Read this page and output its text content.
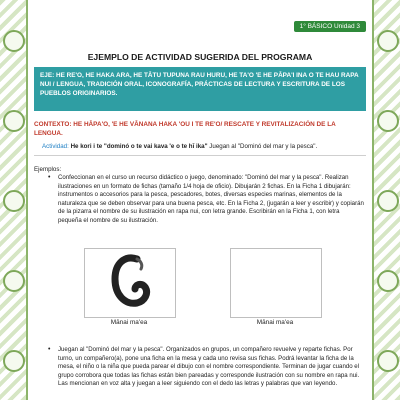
1° BÁSICO Unidad 3
EJEMPLO DE ACTIVIDAD SUGERIDA DEL PROGRAMA
EJE: HE RE'O, HE HAKA ARA, HE TĀTU TUPUNA RAU HURU, HE TA'O 'E HE PĀPA'I INA O TE HAU RAPA NUI / LENGUA, TRADICIÓN ORAL, ICONOGRAFÍA, PRÁCTICAS DE LECTURA Y ESCRITURA DE LOS PUEBLOS ORIGINARIOS.
CONTEXTO: HE HĀPA'O, 'E HE VĀNANA HAKA 'OU I TE RE'O/ RESCATE Y REVITALIZACIÓN DE LA LENGUA.
Actividad: He kori i te "dominó o te vai kava 'e o te hī ika" Juegan al "Dominó del mar y la pesca".
Ejemplos:
• Confeccionan en el curso un recurso didáctico o juego, denominado: "Dominó del mar y la pesca". Realizan ilustraciones en un formato de fichas (tamaño 1/4 hoja de oficio). Dibujarán 2 fichas. En la Ficha 1 dibujarán: instrumentos o accesorios para la pesca, pescadores, botes, diversas especies marinas, elementos de la naturaleza que se deben observar para una buena pesca, etc. En la Ficha 2, (jugarán a leer y escribir) y copiarán de la pizarra el nombre de su ilustración en rapa nui, con letra grande. Escribirán en la Ficha 1, con letra pequeña el nombre de su ilustración.
Mānai ma'ea	Mānai ma'ea
• Juegan al "Dominó del mar y la pesca". Organizados en grupos, un compañero revuelve y reparte fichas. Por turno, un compañero(a), pone una ficha en la mesa y cada uno revisa sus fichas. Podrá levantar la ficha de la mesa, el niño o la niña que pueda parear el dibujo con el nombre correspondiente. Terminan de jugar cuando el grupo corrobora que todas las fichas están bien pareadas y corresponde ilustración con su nombre en rapa nui. Las mencionan en voz alta y juegan a leer siguiendo con el dedo las letras y palabras que van leyendo.
